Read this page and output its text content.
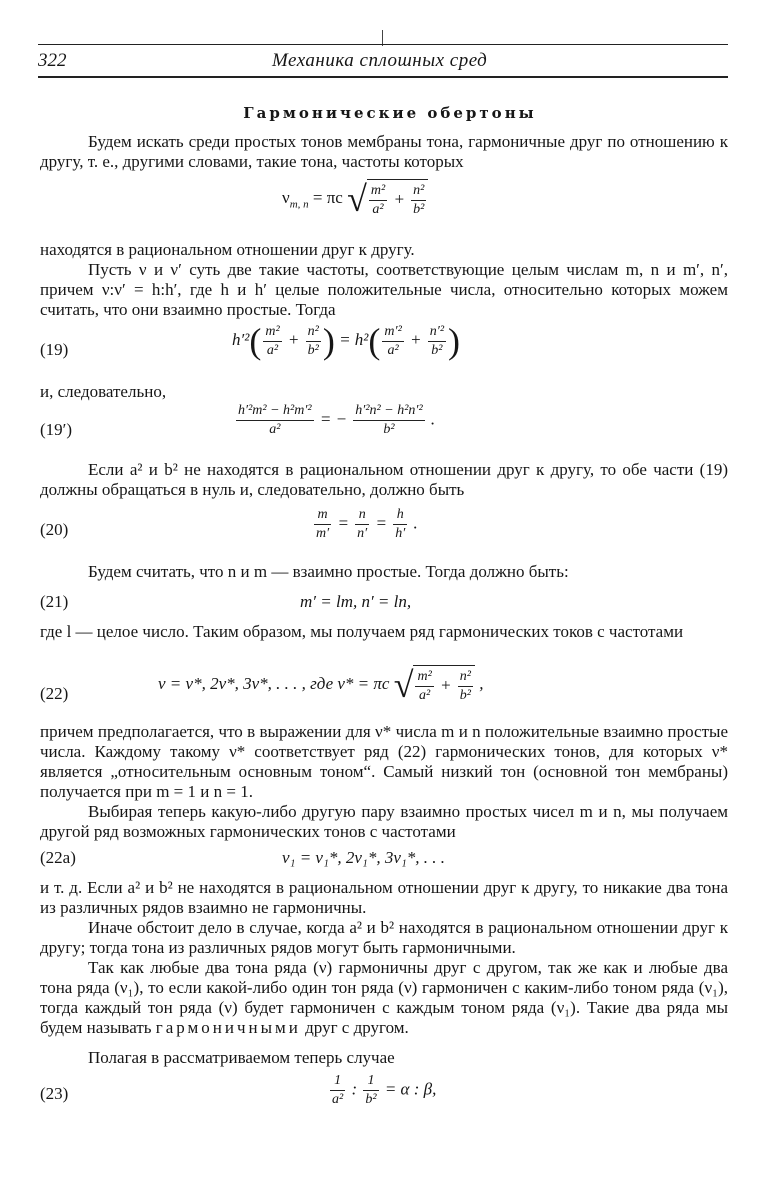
322	Механика сплошных сред
Гармонические обертоны
Будем искать среди простых тонов мембраны тона, гармоничные друг по отношению к другу, т. е., другими словами, такие тона, частоты которых
$\nu_{m, n} = \pi c$ √ $\frac{\text{m²}}{\text{a²}} + \frac{\text{n²}}{\text{b²}}$
находятся в рациональном отношении друг к другу.
Пусть ν и ν′ суть две такие частоты, соответствующие целым числам m, n и m′, n′, причем ν:ν′ = h:h′, где h и h′ целые положительные числа, относительно которых можем считать, что они взаимно простые. Тогда
(19)
$h'^2( \frac{\text{m²}}{\text{a²}} + \frac{\text{n²}}{\text{b²}}$ ) = $h^2( \frac{\text{m′²}}{\text{a²}} + \frac{\text{n′²}}{\text{b²}}$ )
и, следовательно,
(19′)	$\frac{\text{h′²m² − h²m′²}}{\text{a²}}$ = − $\frac{\text{h′²n² − h²n′²}}{\text{b²}}$ .
Если a² и b² не находятся в рациональном отношении друг к другу, то обе части (19) должны обращаться в нуль и, следовательно, должно быть
(20)	$\frac{m}{m'} = \frac{n}{n'} = \frac{h}{h'}$ .
Будем считать, что n и m — взаимно простые. Тогда должно быть:
(21)	m′ = lm, n′ = ln,
где l — целое число. Таким образом, мы получаем ряд гармонических токов с частотами
(22)
ν = ν*, 2ν*, 3ν*, . . . , где ν* = πc √ $\frac{\text{m²}}{\text{a²}} + \frac{\text{n²}}{\text{b²}}$ ,
причем предполагается, что в выражении для ν* числа m и n положительные взаимно простые числа. Каждому такому ν* соответствует ряд (22) гармонических тонов, для которых ν* является „относительным основным тоном“. Самый низкий тон (основной тон мембраны) получается при m = 1 и n = 1.
Выбирая теперь какую-либо другую пару взаимно простых чисел m и n, мы получаем другой ряд возможных гармонических тонов с частотами
(22a)	ν₁ = ν₁*, 2ν₁*, 3ν₁*, . . .
и т. д. Если a² и b² не находятся в рациональном отношении друг к другу, то никакие два тона из различных рядов взаимно не гармоничны.
Иначе обстоит дело в случае, когда a² и b² находятся в рациональном отношении друг к другу; тогда тона из различных рядов могут быть гармоничными.
Так как любые два тона ряда (ν) гармоничны друг с другом, так же как и любые два тона ряда (ν₁), то если какой-либо один тон ряда (ν) гармоничен с каким-либо тоном ряда (ν₁), тогда каждый тон ряда (ν) будет гармоничен с каждым тоном ряда (ν₁). Такие два ряда мы будем называть гармоничными друг с другом.
Полагая в рассматриваемом теперь случае
(23)	$\frac{1}{\text{a²}}$ : $\frac{1}{\text{b²}} = \alpha$ : β,
